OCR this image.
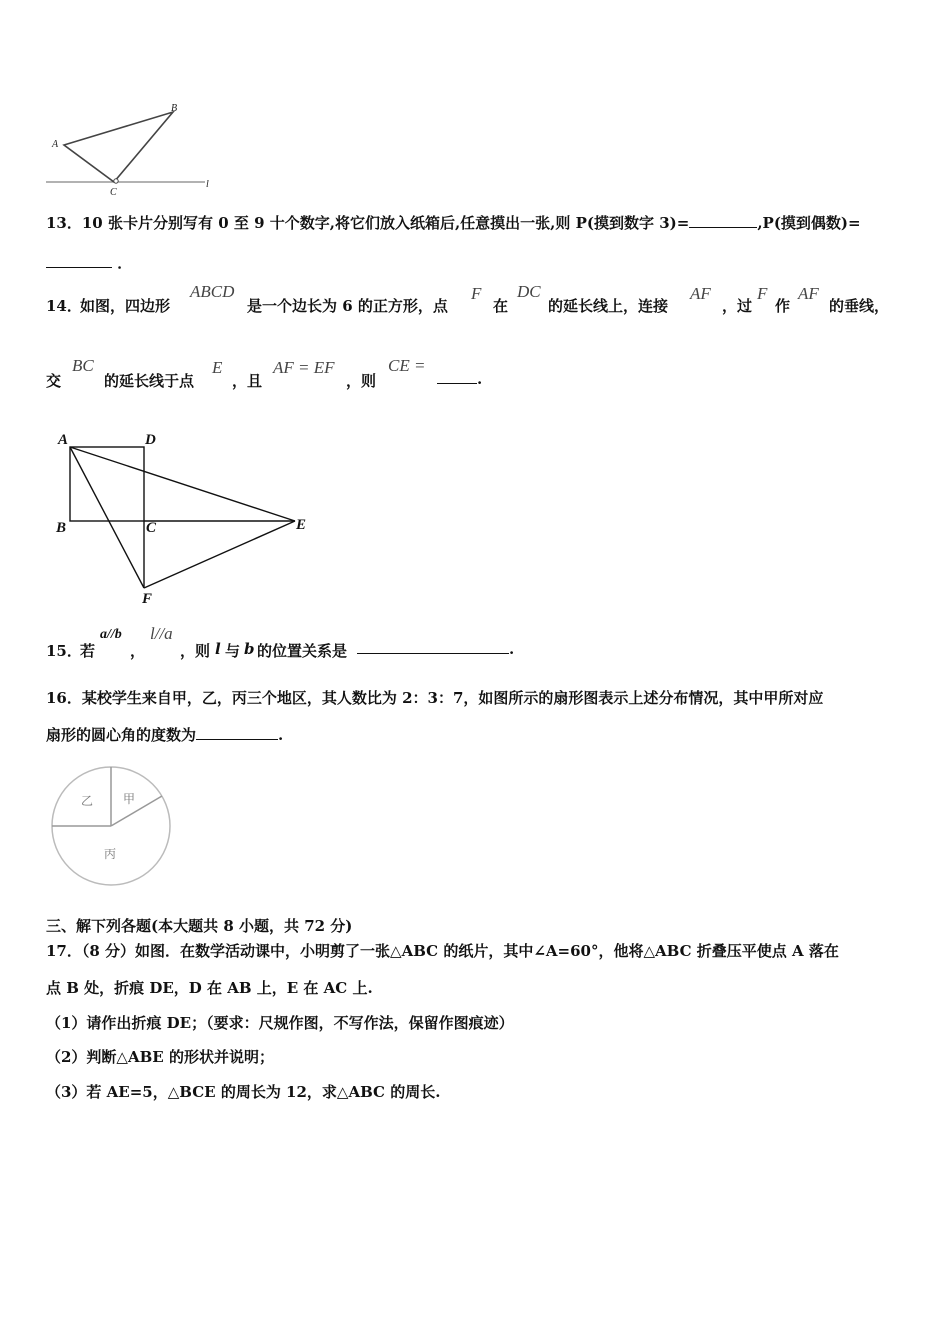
A
B
C
l
13．10 张卡片分别写有 0 至 9 十个数字,将它们放入纸箱后,任意摸出一张,则 P(摸到数字 3)=	,P(摸到偶数)=
．
14．
如图，四边形
ABCD
是一个边长为 6 的正方形，点
F
在
DC
的延长线上，连接
AF
，过
F
作
AF
的垂线，
交
BC
的延长线于点
E
，且
AF = EF
，则
CE =
.
A	D
B	C	E
F
15．
若
a//b
，
l//a
，则 l 与 b 的位置关系是	.
16．某校学生来自甲，乙，丙三个地区，其人数比为 2：3：7，如图所示的扇形图表示上述分布情况，其中甲所对应
扇形的圆心角的度数为	.
甲
乙
丙
三、解下列各题(本大题共 8 小题，共 72 分)
17．（8 分）如图．在数学活动课中，小明剪了一张△ABC 的纸片，其中∠A=60°，他将△ABC 折叠压平使点 A 落在
点 B 处，折痕 DE，D 在 AB 上，E 在 AC 上.
（1）请作出折痕 DE；（要求：尺规作图，不写作法，保留作图痕迹）
（2）判断△ABE 的形状并说明；
（3）若 AE=5，△BCE 的周长为 12，求△ABC 的周长.
